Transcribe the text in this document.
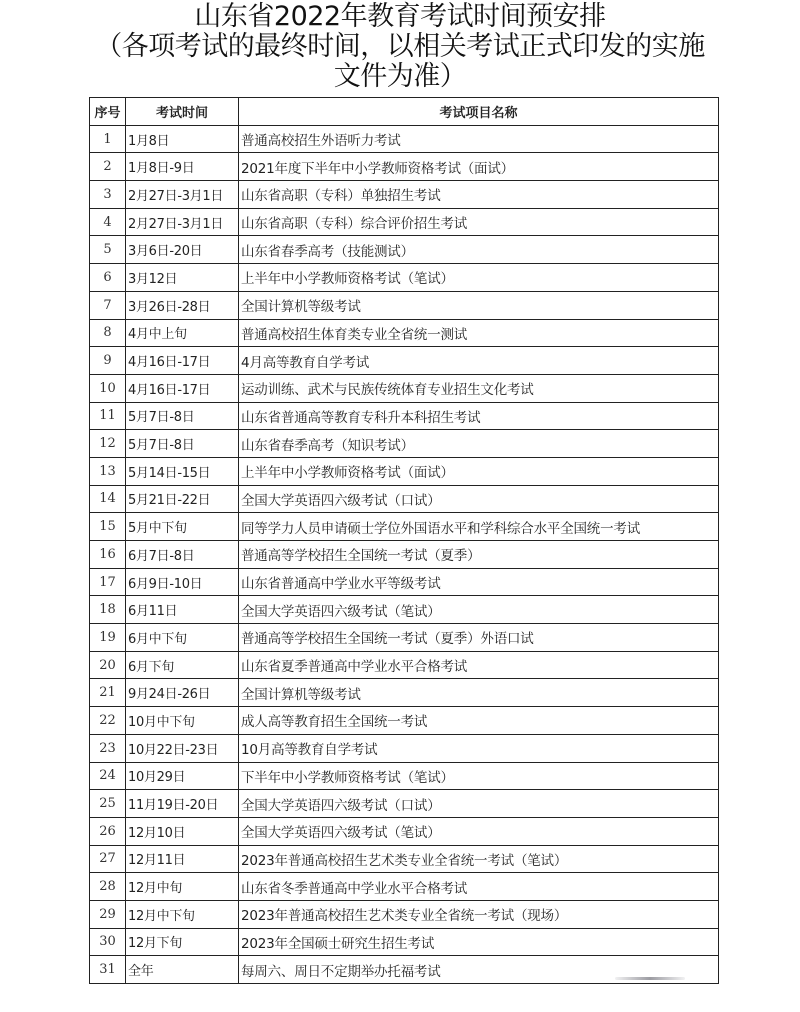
山东省2022年教育考试时间预安排
（各项考试的最终时间，以相关考试正式印发的实施
文件为准）
序号	考试时间	考试项目名称
1	1月8日	普通高校招生外语听力考试
2	1月8日-9日	2021年度下半年中小学教师资格考试（面试）
3	2月27日-3月1日	山东省高职（专科）单独招生考试
4	2月27日-3月1日	山东省高职（专科）综合评价招生考试
5	3月6日-20日	山东省春季高考（技能测试）
6	3月12日	上半年中小学教师资格考试（笔试）
7	3月26日-28日	全国计算机等级考试
8	4月中上旬	普通高校招生体育类专业全省统一测试
9	4月16日-17日	4月高等教育自学考试
10	4月16日-17日	运动训练、武术与民族传统体育专业招生文化考试
11	5月7日-8日	山东省普通高等教育专科升本科招生考试
12	5月7日-8日	山东省春季高考（知识考试）
13	5月14日-15日	上半年中小学教师资格考试（面试）
14	5月21日-22日	全国大学英语四六级考试（口试）
15	5月中下旬	同等学力人员申请硕士学位外国语水平和学科综合水平全国统一考试
16	6月7日-8日	普通高等学校招生全国统一考试（夏季）
17	6月9日-10日	山东省普通高中学业水平等级考试
18	6月11日	全国大学英语四六级考试（笔试）
19	6月中下旬	普通高等学校招生全国统一考试（夏季）外语口试
20	6月下旬	山东省夏季普通高中学业水平合格考试
21	9月24日-26日	全国计算机等级考试
22	10月中下旬	成人高等教育招生全国统一考试
23	10月22日-23日	10月高等教育自学考试
24	10月29日	下半年中小学教师资格考试（笔试）
25	11月19日-20日	全国大学英语四六级考试（口试）
26	12月10日	全国大学英语四六级考试（笔试）
27	12月11日	2023年普通高校招生艺术类专业全省统一考试（笔试）
28	12月中旬	山东省冬季普通高中学业水平合格考试
29	12月中下旬	2023年普通高校招生艺术类专业全省统一考试（现场）
30	12月下旬	2023年全国硕士研究生招生考试
31	全年	每周六、周日不定期举办托福考试
